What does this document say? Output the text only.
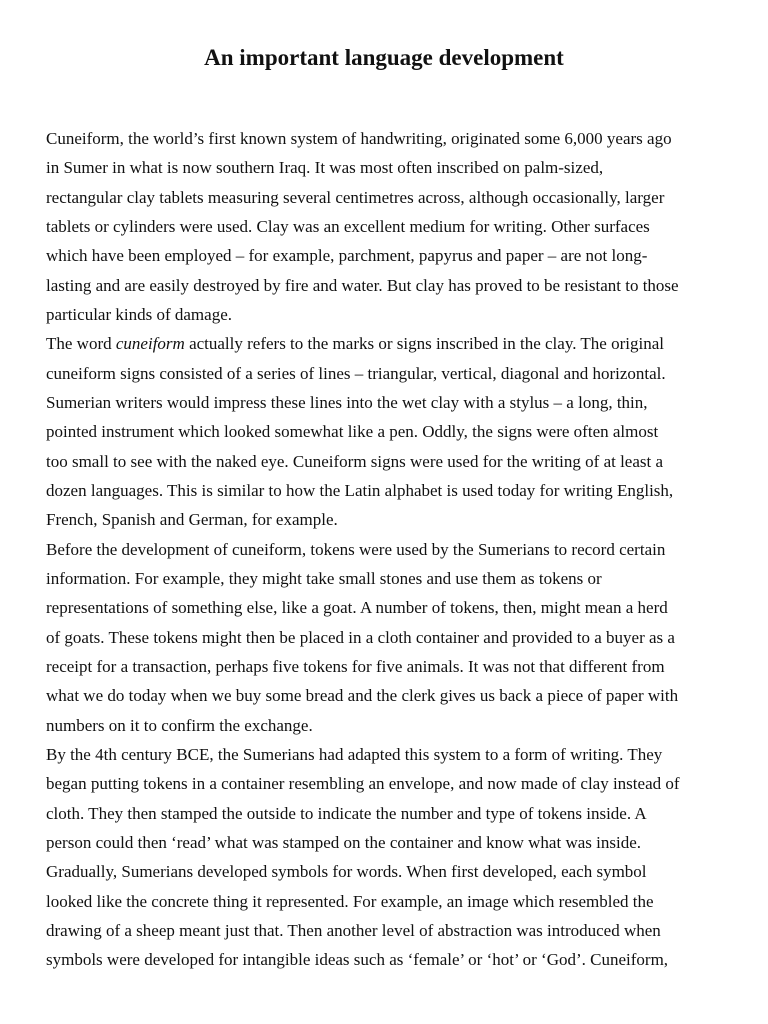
An important language development
Cuneiform, the world’s first known system of handwriting, originated some 6,000 years ago
in Sumer in what is now southern Iraq. It was most often inscribed on palm-sized,
rectangular clay tablets measuring several centimetres across, although occasionally, larger
tablets or cylinders were used. Clay was an excellent medium for writing. Other surfaces
which have been employed – for example, parchment, papyrus and paper – are not long-
lasting and are easily destroyed by fire and water. But clay has proved to be resistant to those
particular kinds of damage.
The word cuneiform actually refers to the marks or signs inscribed in the clay. The original
cuneiform signs consisted of a series of lines – triangular, vertical, diagonal and horizontal.
Sumerian writers would impress these lines into the wet clay with a stylus – a long, thin,
pointed instrument which looked somewhat like a pen. Oddly, the signs were often almost
too small to see with the naked eye. Cuneiform signs were used for the writing of at least a
dozen languages. This is similar to how the Latin alphabet is used today for writing English,
French, Spanish and German, for example.
Before the development of cuneiform, tokens were used by the Sumerians to record certain
information. For example, they might take small stones and use them as tokens or
representations of something else, like a goat. A number of tokens, then, might mean a herd
of goats. These tokens might then be placed in a cloth container and provided to a buyer as a
receipt for a transaction, perhaps five tokens for five animals. It was not that different from
what we do today when we buy some bread and the clerk gives us back a piece of paper with
numbers on it to confirm the exchange.
By the 4th century BCE, the Sumerians had adapted this system to a form of writing. They
began putting tokens in a container resembling an envelope, and now made of clay instead of
cloth. They then stamped the outside to indicate the number and type of tokens inside. A
person could then ‘read’ what was stamped on the container and know what was inside.
Gradually, Sumerians developed symbols for words. When first developed, each symbol
looked like the concrete thing it represented. For example, an image which resembled the
drawing of a sheep meant just that. Then another level of abstraction was introduced when
symbols were developed for intangible ideas such as ‘female’ or ‘hot’ or ‘God’. Cuneiform,
